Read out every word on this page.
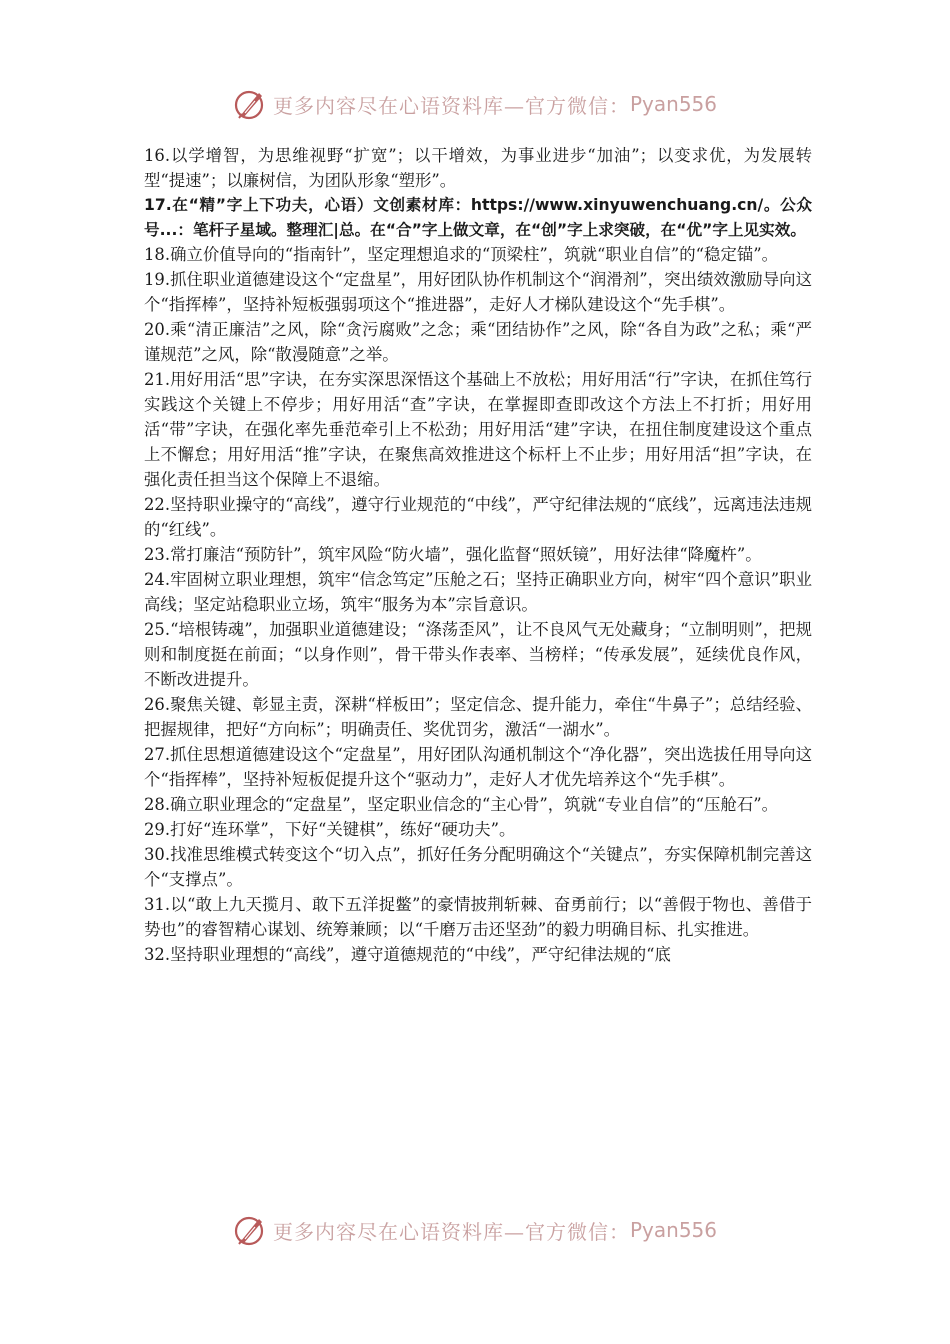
更多内容尽在心语资料库—官方微信： Pyan556

16.以学增智，为思维视野“扩宽”；以干增效，为事业进步“加油”；以变求优，为发展转型“提速”；以廉树信，为团队形象“塑形”。

17.在“精”字上下功夫，心语）文创素材库：https://www.xinyuwenchuang.cn/。公众号...：笔杆子星域。整理汇|总。在“合”字上做文章，在“创”字上求突破，在“优”字上见实效。

18.确立价值导向的“指南针”，坚定理想追求的“顶梁柱”，筑就“职业自信”的“稳定锚”。

19.抓住职业道德建设这个“定盘星”，用好团队协作机制这个“润滑剂”，突出绩效激励导向这个“指挥棒”，坚持补短板强弱项这个“推进器”，走好人才梯队建设这个“先手棋”。

20.乘“清正廉洁”之风，除“贪污腐败”之念；乘“团结协作”之风，除“各自为政”之私；乘“严谨规范”之风，除“散漫随意”之举。

21.用好用活“思”字诀，在夯实深思深悟这个基础上不放松；用好用活“行”字诀，在抓住笃行实践这个关键上不停步；用好用活“查”字诀，在掌握即查即改这个方法上不打折；用好用活“带”字诀，在强化率先垂范牵引上不松劲；用好用活“建”字诀，在扭住制度建设这个重点上不懈怠；用好用活“推”字诀，在聚焦高效推进这个标杆上不止步；用好用活“担”字诀，在强化责任担当这个保障上不退缩。

22.坚持职业操守的“高线”，遵守行业规范的“中线”，严守纪律法规的“底线”，远离违法违规的“红线”。

23.常打廉洁“预防针”，筑牢风险“防火墙”，强化监督“照妖镜”，用好法律“降魔杵”。

24.牢固树立职业理想，筑牢“信念笃定”压舱之石；坚持正确职业方向，树牢“四个意识”职业高线；坚定站稳职业立场，筑牢“服务为本”宗旨意识。

25.“培根铸魂”，加强职业道德建设；“涤荡歪风”，让不良风气无处藏身；“立制明则”，把规则和制度挺在前面；“以身作则”，骨干带头作表率、当榜样；“传承发展”，延续优良作风，不断改进提升。

26.聚焦关键、彰显主责，深耕“样板田”；坚定信念、提升能力，牵住“牛鼻子”；总结经验、把握规律，把好“方向标”；明确责任、奖优罚劣，激活“一湖水”。

27.抓住思想道德建设这个“定盘星”，用好团队沟通机制这个“净化器”，突出选拔任用导向这个“指挥棒”，坚持补短板促提升这个“驱动力”，走好人才优先培养这个“先手棋”。

28.确立职业理念的“定盘星”，坚定职业信念的“主心骨”，筑就“专业自信”的“压舱石”。

29.打好“连环掌”，下好“关键棋”，练好“硬功夫”。

30.找准思维模式转变这个“切入点”，抓好任务分配明确这个“关键点”，夯实保障机制完善这个“支撑点”。

31.以“敢上九天揽月、敢下五洋捉鳖”的豪情披荆斩棘、奋勇前行；以“善假于物也、善借于势也”的睿智精心谋划、统筹兼顾；以“千磨万击还坚劲”的毅力明确目标、扎实推进。

32.坚持职业理想的“高线”，遵守道德规范的“中线”，严守纪律法规的“底

更多内容尽在心语资料库—官方微信： Pyan556
